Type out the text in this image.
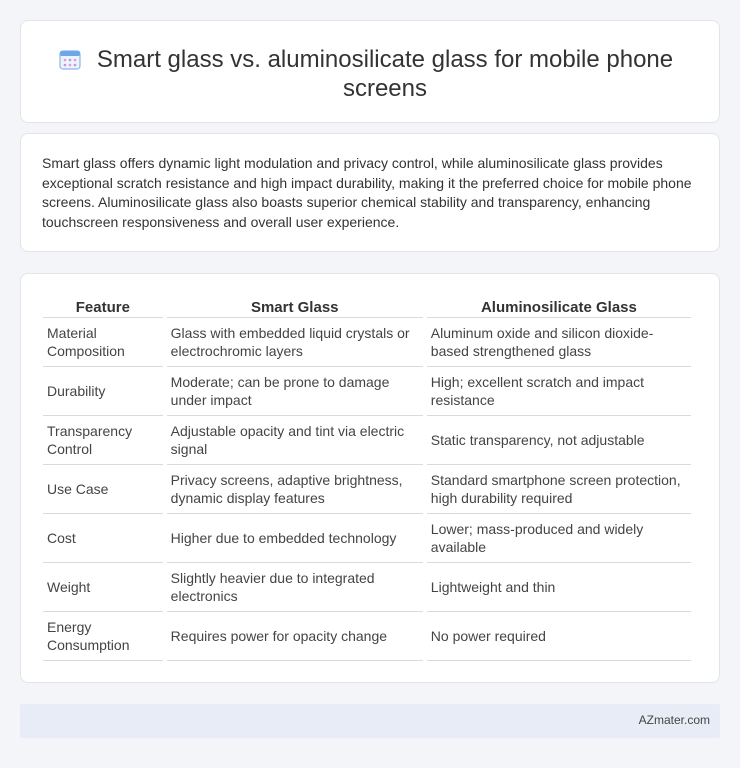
Smart glass vs. aluminosilicate glass for mobile phone screens

Smart glass offers dynamic light modulation and privacy control, while aluminosilicate glass provides exceptional scratch resistance and high impact durability, making it the preferred choice for mobile phone screens. Aluminosilicate glass also boasts superior chemical stability and transparency, enhancing touchscreen responsiveness and overall user experience.

Feature	Smart Glass	Aluminosilicate Glass
Material Composition	Glass with embedded liquid crystals or electrochromic layers	Aluminum oxide and silicon dioxide-based strengthened glass
Durability	Moderate; can be prone to damage under impact	High; excellent scratch and impact resistance
Transparency Control	Adjustable opacity and tint via electric signal	Static transparency, not adjustable
Use Case	Privacy screens, adaptive brightness, dynamic display features	Standard smartphone screen protection, high durability required
Cost	Higher due to embedded technology	Lower; mass-produced and widely available
Weight	Slightly heavier due to integrated electronics	Lightweight and thin
Energy Consumption	Requires power for opacity change	No power required
AZmater.com
